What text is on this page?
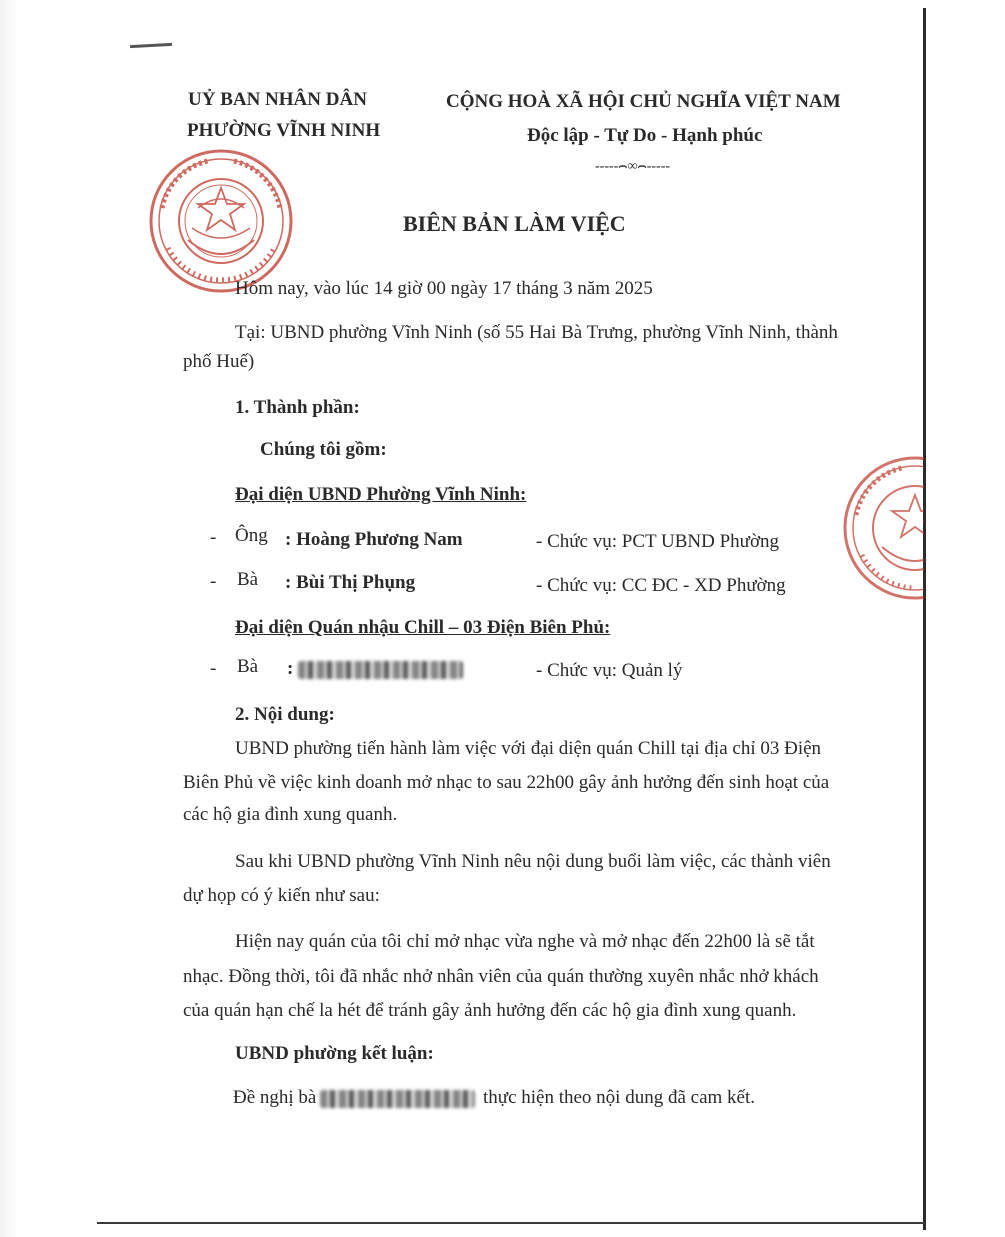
UỶ BAN NHÂN DÂN
PHƯỜNG VĨNH NINH
CỘNG HOÀ XÃ HỘI CHỦ NGHĨA VIỆT NAM
Độc lập - Tự Do - Hạnh phúc
-----⌢∞⌢-----
BIÊN BẢN LÀM VIỆC
Hôm nay, vào lúc 14 giờ 00 ngày 17 tháng 3 năm 2025
Tại: UBND phường Vĩnh Ninh (số 55 Hai Bà Trưng, phường Vĩnh Ninh, thành
phố Huế)
1. Thành phần:
Chúng tôi gồm:
Đại diện UBND Phường Vĩnh Ninh:
- Ông : Hoàng Phương Nam	- Chức vụ: PCT UBND Phường
- Bà : Bùi Thị Phụng	- Chức vụ: CC ĐC - XD Phường
Đại diện Quán nhậu Chill – 03 Điện Biên Phủ:
- Bà :	- Chức vụ: Quản lý
2. Nội dung:
UBND phường tiến hành làm việc với đại diện quán Chill tại địa chỉ 03 Điện
Biên Phủ về việc kinh doanh mở nhạc to sau 22h00 gây ảnh hưởng đến sinh hoạt của
các hộ gia đình xung quanh.
Sau khi UBND phường Vĩnh Ninh nêu nội dung buổi làm việc, các thành viên
dự họp có ý kiến như sau:
Hiện nay quán của tôi chỉ mở nhạc vừa nghe và mở nhạc đến 22h00 là sẽ tắt
nhạc. Đồng thời, tôi đã nhắc nhở nhân viên của quán thường xuyên nhắc nhở khách
của quán hạn chế la hét để tránh gây ảnh hưởng đến các hộ gia đình xung quanh.
UBND phường kết luận:
Đề nghị bà	thực hiện theo nội dung đã cam kết.
